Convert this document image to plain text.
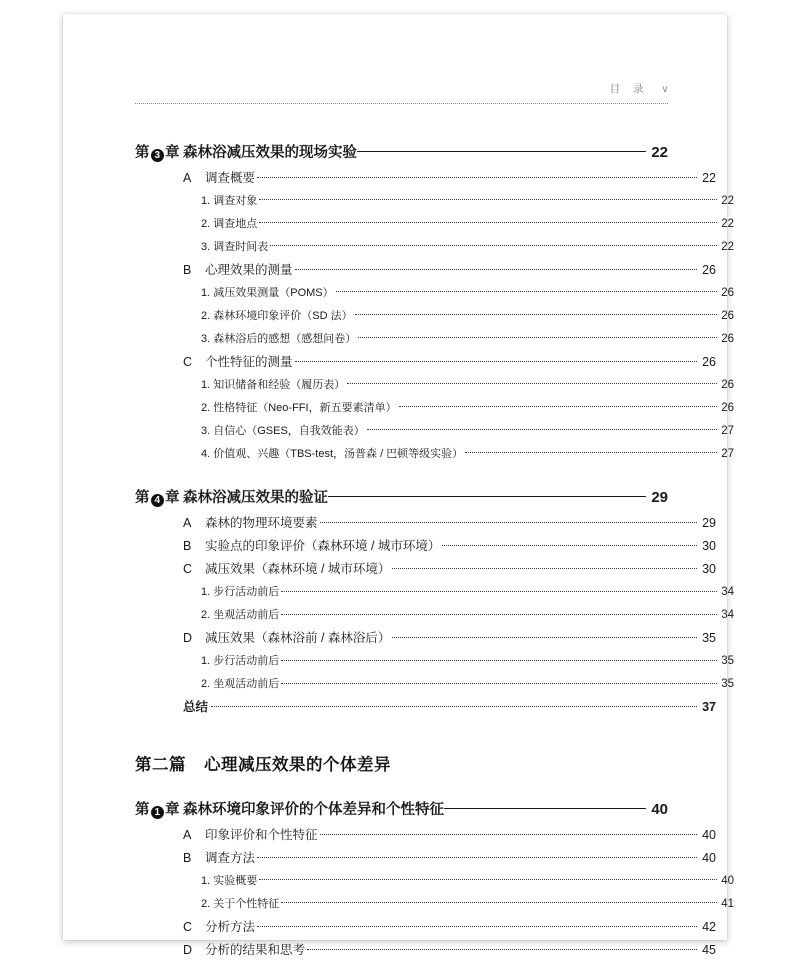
目 录 v
第 3 章 森林浴减压效果的现场实验	22
A	调查概要	22
1. 调查对象	22
2. 调查地点	22
3. 调查时间表	22
B	心理效果的测量	26
1. 减压效果测量（POMS）	26
2. 森林环境印象评价（SD 法）	26
3. 森林浴后的感想（感想问卷）	26
C	个性特征的测量	26
1. 知识储备和经验（履历表）	26
2. 性格特征（Neo-FFI，新五要素清单）	26
3. 自信心（GSES，自我效能表）	27
4. 价值观、兴趣（TBS-test，汤普森 / 巴顿等级实验）	27
第 4 章 森林浴减压效果的验证	29
A	森林的物理环境要素	29
B	实验点的印象评价（森林环境 / 城市环境）	30
C	减压效果（森林环境 / 城市环境）	30
1. 步行活动前后	34
2. 坐观活动前后	34
D	减压效果（森林浴前 / 森林浴后）	35
1. 步行活动前后	35
2. 坐观活动前后	35
总结	37
第二篇 心理减压效果的个体差异
第 1 章 森林环境印象评价的个体差异和个性特征	40
A	印象评价和个性特征	40
B	调查方法	40
1. 实验概要	40
2. 关于个性特征	41
C	分析方法	42
D	分析的结果和思考	45
